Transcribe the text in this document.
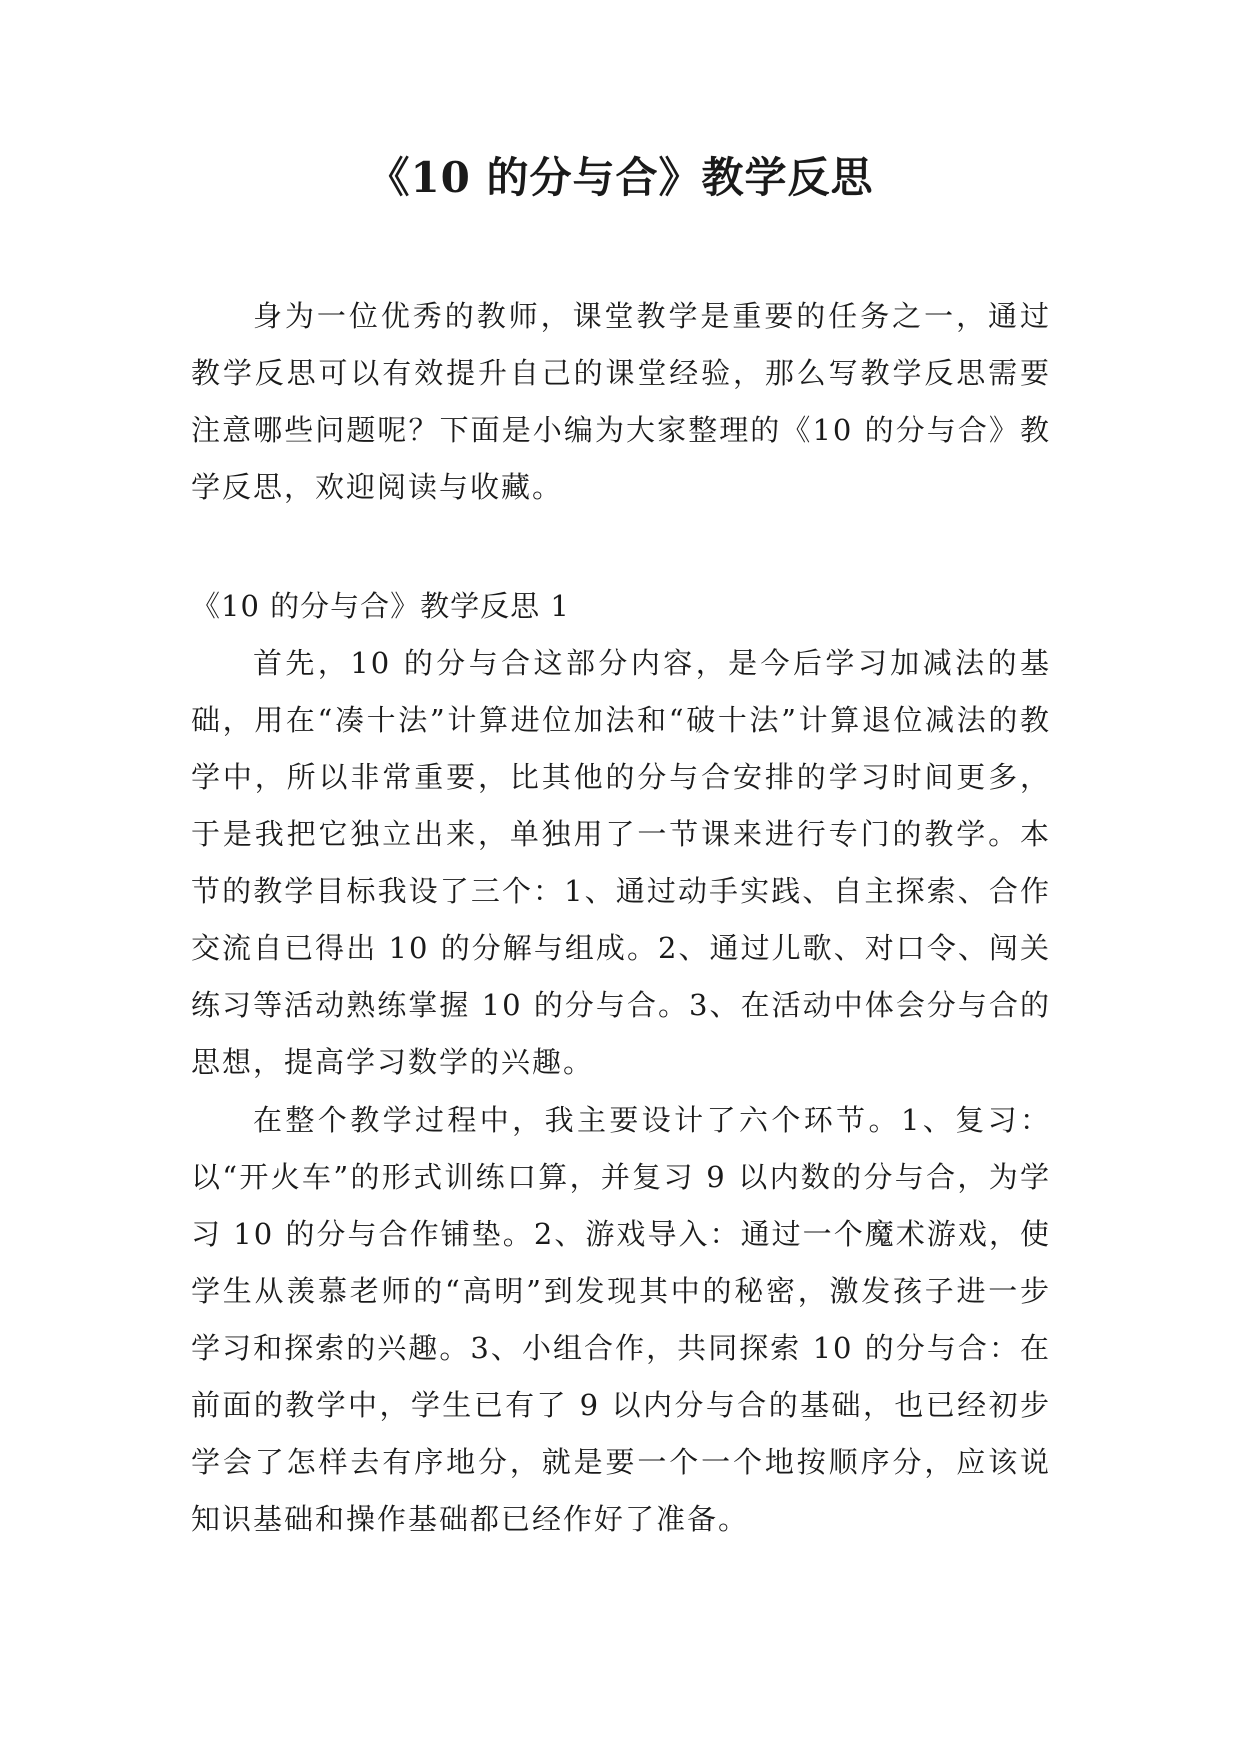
《10 的分与合》教学反思

身为一位优秀的教师，课堂教学是重要的任务之一，通过教学反思可以有效提升自己的课堂经验，那么写教学反思需要注意哪些问题呢？下面是小编为大家整理的《10 的分与合》教学反思，欢迎阅读与收藏。

《10 的分与合》教学反思 1

首先，10 的分与合这部分内容，是今后学习加减法的基础，用在“凑十法”计算进位加法和“破十法”计算退位减法的教学中，所以非常重要，比其他的分与合安排的学习时间更多，于是我把它独立出来，单独用了一节课来进行专门的教学。本节的教学目标我设了三个：1、通过动手实践、自主探索、合作交流自已得出 10 的分解与组成。2、通过儿歌、对口令、闯关练习等活动熟练掌握 10 的分与合。3、在活动中体会分与合的思想，提高学习数学的兴趣。

在整个教学过程中，我主要设计了六个环节。1、复习：以“开火车”的形式训练口算，并复习 9 以内数的分与合，为学习 10 的分与合作铺垫。2、游戏导入：通过一个魔术游戏，使学生从羡慕老师的“高明”到发现其中的秘密，激发孩子进一步学习和探索的兴趣。3、小组合作，共同探索 10 的分与合：在前面的教学中，学生已有了 9 以内分与合的基础，也已经初步学会了怎样去有序地分，就是要一个一个地按顺序分，应该说知识基础和操作基础都已经作好了准备。
